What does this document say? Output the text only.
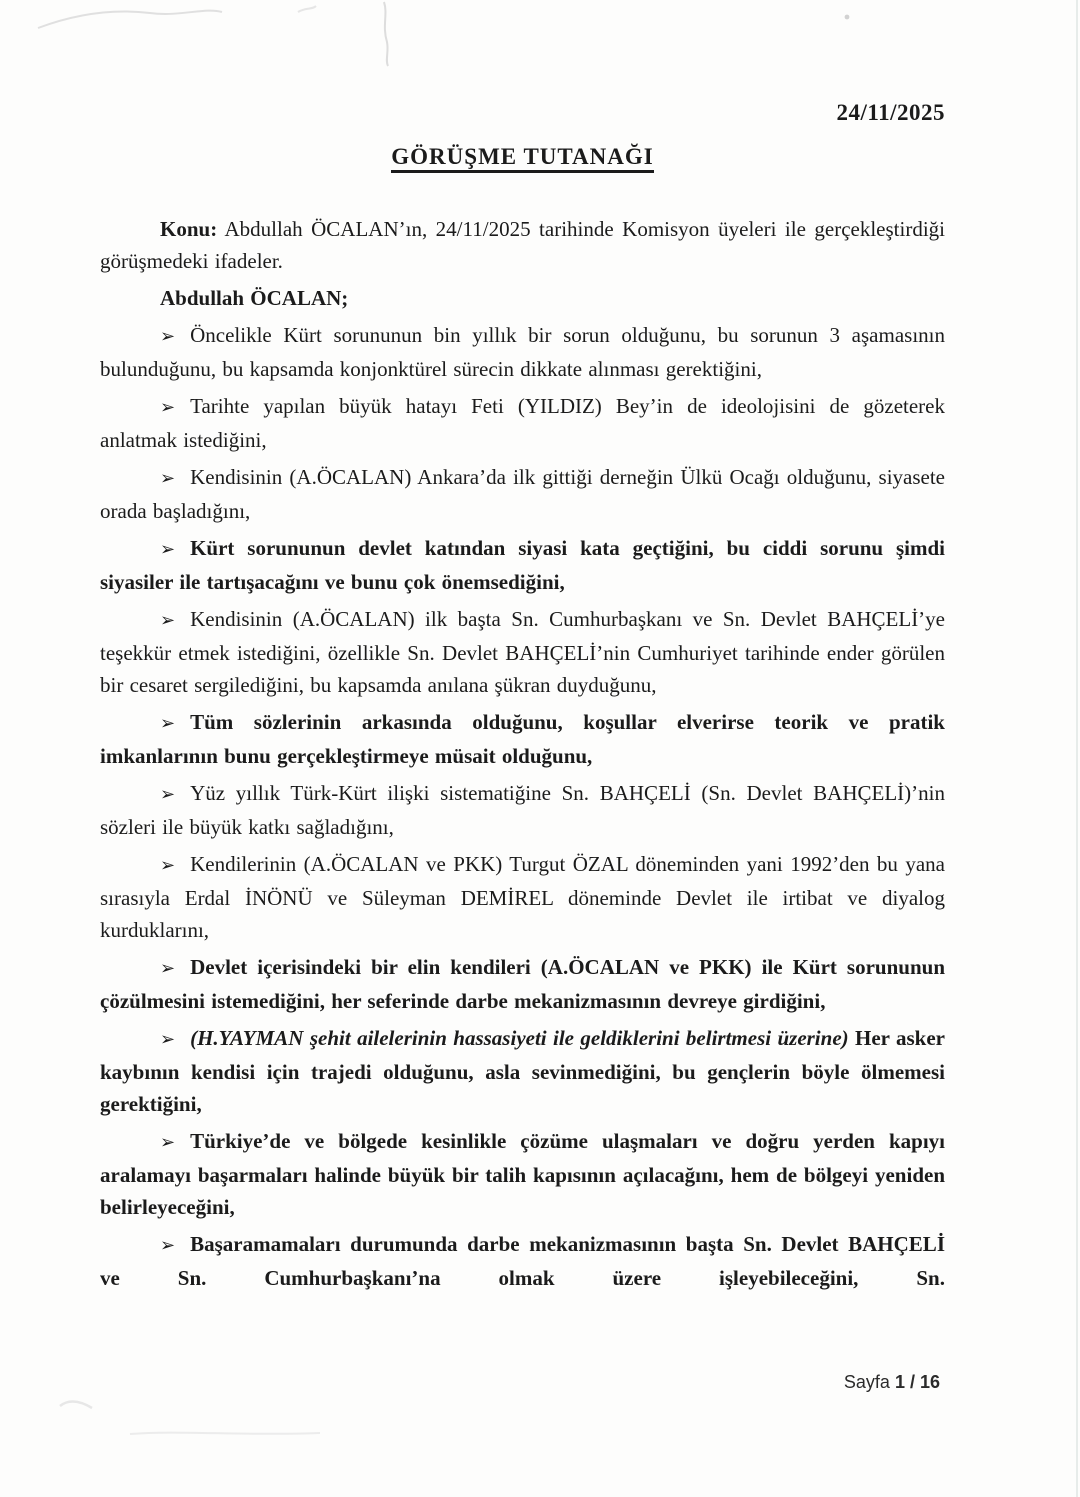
24/11/2025
GÖRÜŞME TUTANAĞI

Konu: Abdullah ÖCALAN’ın, 24/11/2025 tarihinde Komisyon üyeleri ile gerçekleştirdiği görüşmedeki ifadeler.

Abdullah ÖCALAN;

➢ Öncelikle Kürt sorununun bin yıllık bir sorun olduğunu, bu sorunun 3 aşamasının bulunduğunu, bu kapsamda konjonktürel sürecin dikkate alınması gerektiğini,

➢ Tarihte yapılan büyük hatayı Feti (YILDIZ) Bey’in de ideolojisini de gözeterek anlatmak istediğini,

➢ Kendisinin (A.ÖCALAN) Ankara’da ilk gittiği derneğin Ülkü Ocağı olduğunu, siyasete orada başladığını,

➢ Kürt sorununun devlet katından siyasi kata geçtiğini, bu ciddi sorunu şimdi siyasiler ile tartışacağını ve bunu çok önemsediğini,

➢ Kendisinin (A.ÖCALAN) ilk başta Sn. Cumhurbaşkanı ve Sn. Devlet BAHÇELİ’ye teşekkür etmek istediğini, özellikle Sn. Devlet BAHÇELİ’nin Cumhuriyet tarihinde ender görülen bir cesaret sergilediğini, bu kapsamda anılana şükran duyduğunu,

➢ Tüm sözlerinin arkasında olduğunu, koşullar elverirse teorik ve pratik imkanlarının bunu gerçekleştirmeye müsait olduğunu,

➢ Yüz yıllık Türk-Kürt ilişki sistematiğine Sn. BAHÇELİ (Sn. Devlet BAHÇELİ)’nin sözleri ile büyük katkı sağladığını,

➢ Kendilerinin (A.ÖCALAN ve PKK) Turgut ÖZAL döneminden yani 1992’den bu yana sırasıyla Erdal İNÖNÜ ve Süleyman DEMİREL döneminde Devlet ile irtibat ve diyalog kurduklarını,

➢ Devlet içerisindeki bir elin kendileri (A.ÖCALAN ve PKK) ile Kürt sorununun çözülmesini istemediğini, her seferinde darbe mekanizmasının devreye girdiğini,

➢ (H.YAYMAN şehit ailelerinin hassasiyeti ile geldiklerini belirtmesi üzerine) Her asker kaybının kendisi için trajedi olduğunu, asla sevinmediğini, bu gençlerin böyle ölmemesi gerektiğini,

➢ Türkiye’de ve bölgede kesinlikle çözüme ulaşmaları ve doğru yerden kapıyı aralamayı başarmaları halinde büyük bir talih kapısının açılacağını, hem de bölgeyi yeniden belirleyeceğini,

➢ Başaramamaları durumunda darbe mekanizmasının başta Sn. Devlet BAHÇELİ ve Sn. Cumhurbaşkanı’na olmak üzere işleyebileceğini, Sn.

Sayfa 1 / 16
